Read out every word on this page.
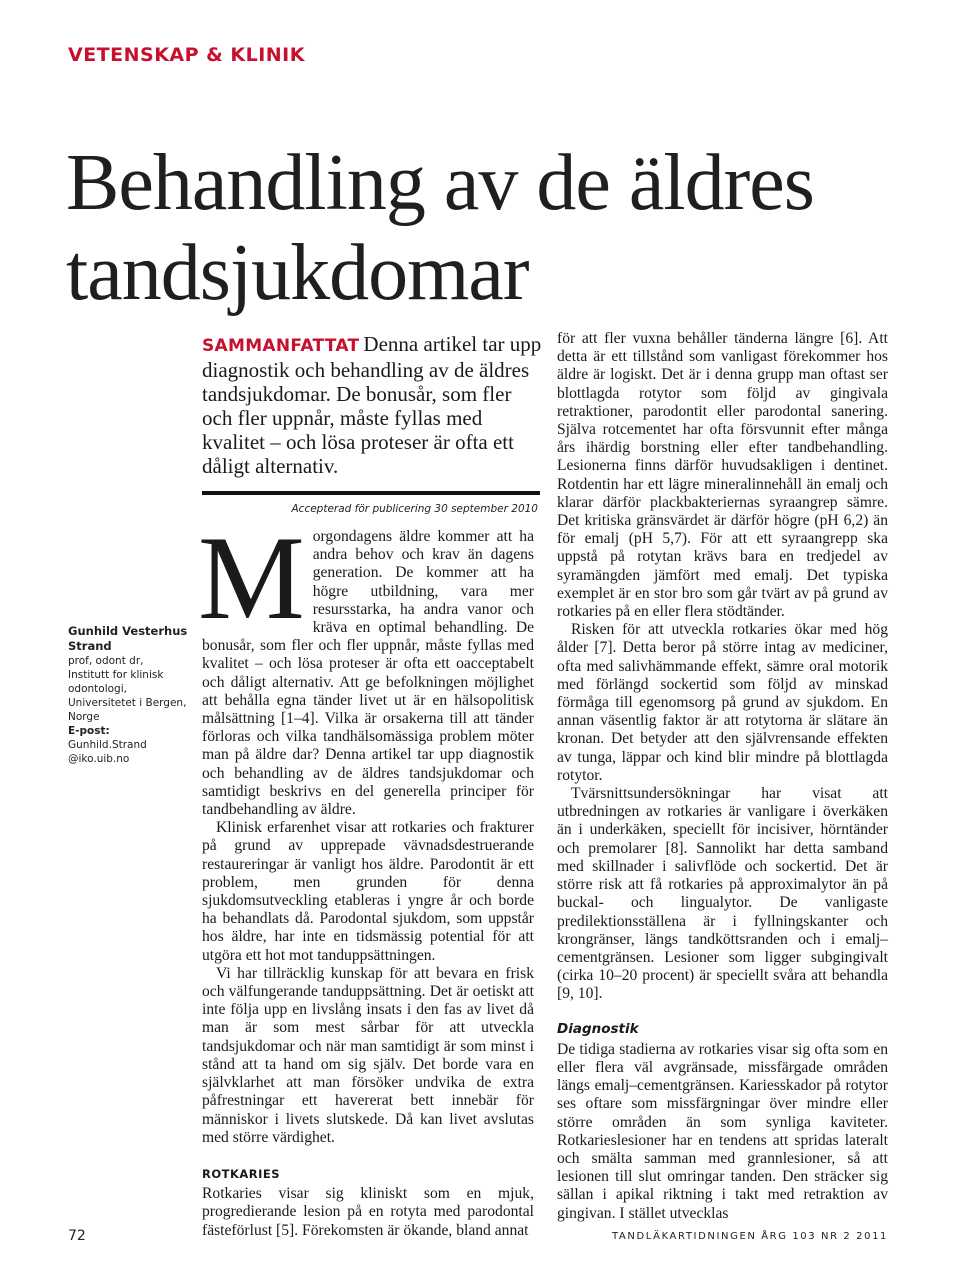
VETENSKAP & KLINIK
Behandling av de äldres tandsjukdomar
Gunhild Vesterhus Strand
prof, odont dr, Institutt for klinisk odontologi, Universitetet i Bergen, Norge
E-post: Gunhild.Strand @iko.uib.no
SAMMANFATTAT Denna artikel tar upp diagnostik och behandling av de äldres tandsjukdomar. De bonusår, som fler och fler uppnår, måste fyllas med kvalitet – och lösa proteser är ofta ett dåligt alternativ.
Accepterad för publicering 30 september 2010

Morgondagens äldre kommer att ha andra behov och krav än dagens generation. De kommer att ha högre utbildning, vara mer resursstarka, ha andra vanor och kräva en optimal behandling. De bonusår, som fler och fler uppnår, måste fyllas med kvalitet – och lösa proteser är ofta ett oacceptabelt och dåligt alternativ. Att ge befolkningen möjlighet att behålla egna tänder livet ut är en hälsopolitisk målsättning [1–4]. Vilka är orsakerna till att tänder förloras och vilka tandhälsomässiga problem möter man på äldre dar? Denna artikel tar upp diagnostik och behandling av de äldres tandsjukdomar och samtidigt beskrivs en del generella principer för tandbehandling av äldre.

Klinisk erfarenhet visar att rotkaries och frakturer på grund av upprepade vävnadsdestruerande restaureringar är vanligt hos äldre. Parodontit är ett problem, men grunden för denna sjukdomsutveckling etableras i yngre år och borde ha behandlats då. Parodontal sjukdom, som uppstår hos äldre, har inte en tidsmässig potential för att utgöra ett hot mot tanduppsättningen.

Vi har tillräcklig kunskap för att bevara en frisk och välfungerande tanduppsättning. Det är oetiskt att inte följa upp en livslång insats i den fas av livet då man är som mest sårbar för att utveckla tandsjukdomar och när man samtidigt är som minst i stånd att ta hand om sig själv. Det borde vara en självklarhet att man försöker undvika de extra påfrestningar ett havererat bett innebär för människor i livets slutskede. Då kan livet avslutas med större värdighet.

ROTKARIES

Rotkaries visar sig kliniskt som en mjuk, progredierande lesion på en rotyta med parodontal fästeförlust [5]. Förekomsten är ökande, bland annat

för att fler vuxna behåller tänderna längre [6]. Att detta är ett tillstånd som vanligast förekommer hos äldre är logiskt. Det är i denna grupp man oftast ser blottlagda rotytor som följd av gingivala retraktioner, parodontit eller parodontal sanering. Själva rotcementet har ofta försvunnit efter många års ihärdig borstning eller efter tandbehandling. Lesionerna finns därför huvudsakligen i dentinet. Rotdentin har ett lägre mineralinnehåll än emalj och klarar därför plackbakteriernas syraangrep sämre. Det kritiska gränsvärdet är därför högre (pH 6,2) än för emalj (pH 5,7). För att ett syraangrepp ska uppstå på rotytan krävs bara en tredjedel av syramängden jämfört med emalj. Det typiska exemplet är en stor bro som går tvärt av på grund av rotkaries på en eller flera stödtänder.

Risken för att utveckla rotkaries ökar med hög ålder [7]. Detta beror på större intag av mediciner, ofta med salivhämmande effekt, sämre oral motorik med förlängd sockertid som följd av minskad förmåga till egenomsorg på grund av sjukdom. En annan väsentlig faktor är att rotytorna är slätare än kronan. Det betyder att den självrensande effekten av tunga, läppar och kind blir mindre på blottlagda rotytor.

Tvärsnittsundersökningar har visat att utbredningen av rotkaries är vanligare i överkäken än i underkäken, speciellt för incisiver, hörntänder och premolarer [8]. Sannolikt har detta samband med skillnader i salivflöde och sockertid. Det är större risk att få rotkaries på approximalytor än på buckal- och lingualytor. De vanligaste predilektionsställena är i fyllningskanter och krongränser, längs tandköttsranden och i emalj–cementgränsen. Lesioner som ligger subgingivalt (cirka 10–20 procent) är speciellt svåra att behandla [9, 10].

Diagnostik

De tidiga stadierna av rotkaries visar sig ofta som en eller flera väl avgränsade, missfärgade områden längs emalj–cementgränsen. Kariesskador på rotytor ses oftare som missfärgningar över mindre eller större områden än som synliga kaviteter. Rotkarieslesioner har en tendens att spridas lateralt och smälta samman med grannlesioner, så att lesionen till slut omringar tanden. Den sträcker sig sällan i apikal riktning i takt med retraktion av gingivan. I stället utvecklas

72	TANDLÄKARTIDNINGEN ÅRG 103 NR 2 2011
